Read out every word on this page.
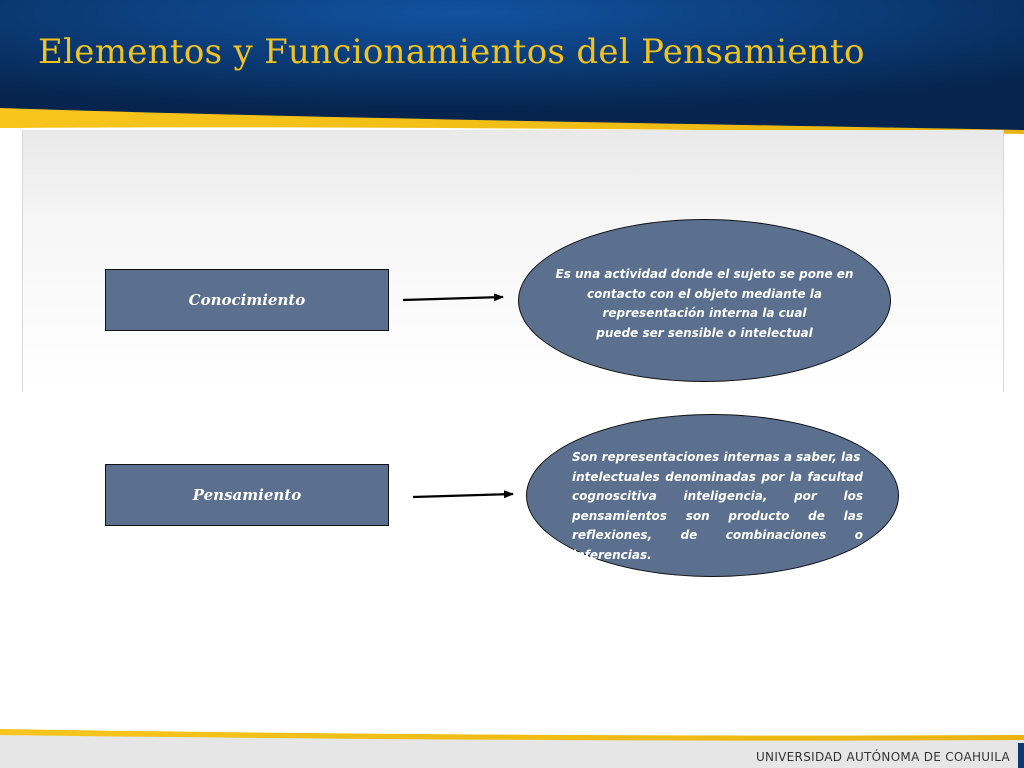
Elementos y Funcionamientos del Pensamiento
Conocimiento
Pensamiento
Es una actividad donde el sujeto se pone en
contacto con el objeto mediante la
representación interna la cual
puede ser sensible o intelectual
Son representaciones internas a saber, las
intelectuales denominadas por la facultad
cognoscitiva inteligencia, por los
pensamientos son producto de las
reflexiones, de combinaciones o inferencias.

UNIVERSIDAD AUTÓNOMA DE COAHUILA
